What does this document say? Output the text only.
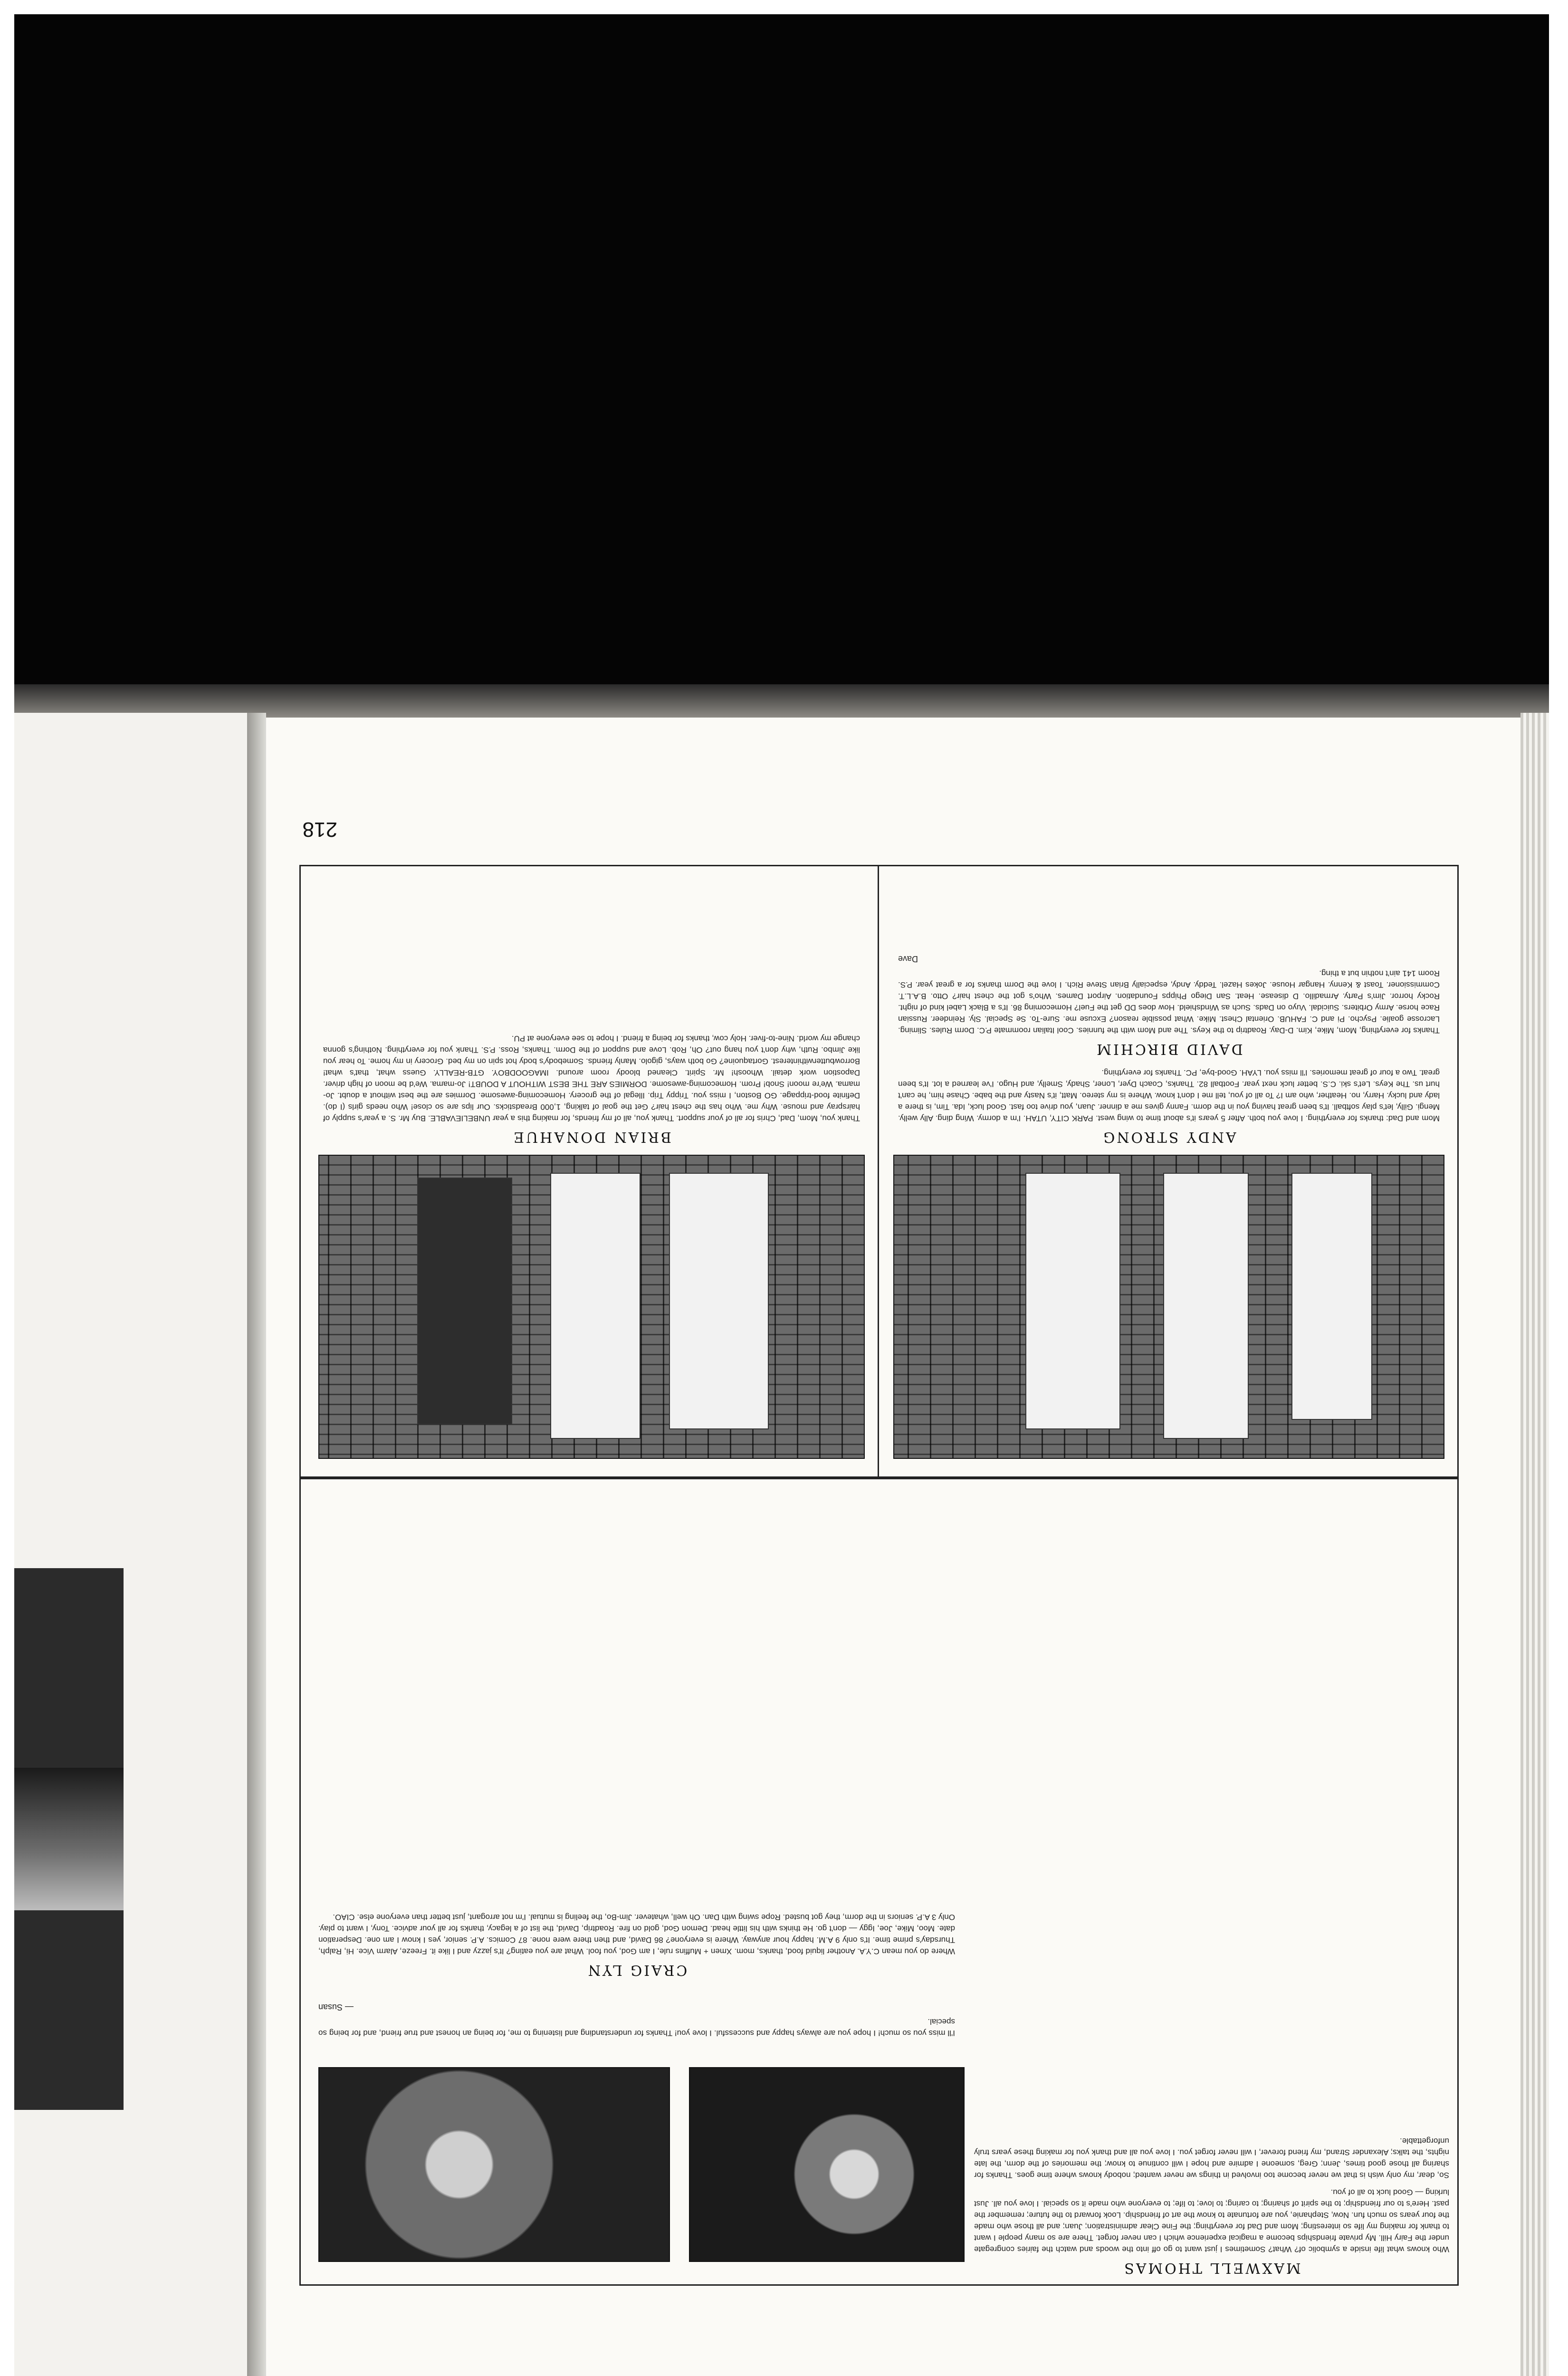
218
MAXWELL THOMAS
Who knows what life inside a symbolic of? What? Sometimes I just want to go off into the woods and watch the fairies congregate under the Fairy Hill. My private friendships become a magical experience which I can never forget. There are so many people I want to thank for making my life so interesting; Mom and Dad for everything; the Fine Clear administration; Juan; and all those who made the four years so much fun. Now, Stephanie, you are fortunate to know the art of friendship. Look forward to the future; remember the past. Here's to our friendship; to the spirit of sharing; to caring; to love; to life; to everyone who made it so special. I love you all. Just lurking — Good luck to all of you.
So, dear, my only wish is that we never become too involved in things we never wanted; nobody knows where time goes. Thanks for sharing all those good times, Jenn; Greg, someone I admire and hope I will continue to know; the memories of the dorm, the late nights, the talks; Alexander Strand, my friend forever, I will never forget you. I love you all and thank you for making these years truly unforgettable.
I'll miss you so much! I hope you are always happy and successful. I love you! Thanks for understanding and listening to me, for being an honest and true friend, and for being so special.
— Susan
CRAIG LYN
Where do you mean C.Y.A. Another liquid food, thanks, mom. Xmen + Muffins rule, I am God, you fool. What are you eating? It's jazzy and I like it. Freeze, Alarm Vice. Hi, Ralph, Thursday's prime time. It's only 9 A.M. happy hour anyway. Where is everyone? 86 David, and then there were none. 87 Comics. A.P. senior, yes I know I am one. Desperation date. Moo, Mike, Joe, Iggy — don't go. He thinks with his little head. Demon God, gold on fire. Roadtrip, David, the list of a legacy, thanks for all your advice. Tony, I want to play. Only 3 A.P. seniors in the dorm, they got busted. Rope swing with Dan. Oh well, whatever. Jim-Bo, the feeling is mutual. I'm not arrogant, just better than everyone else. CIAO.
ANDY STRONG
Mom and Dad: thanks for everything. I love you both. After 5 years it's about time to wing west. PARK CITY, UTAH. I'm a dormy. Wing ding. Ally welly. Mengi. Gilly, let's play softball. It's been great having you in the dorm. Fanny gives me a dinner. Juan, you drive too fast. Good luck, Ida. Tim, is there a lady and lucky. Harry, no. Heather, who am I? To all of you, tell me I don't know. Where is my stereo. Matt, it's Nasty and the babe. Chase him, he can't hurt us. The Keys. Let's ski. C.S. better luck next year. Football 82. Thanks, Coach Dyer, Loner, Shady, Smelly, and Hugo. I've learned a lot. It's been great. Two a four of great memories. I'll miss you. LYAH. Good-bye, PC. Thanks for everything.
DAVID BIRCHIM
Thanks for everything, Mom, Mike, Kim. D-Day. Roadtrip to the Keys. The and Mom with the funnies. Cool Italian roommate P.C. Dorm Rules. Sliming. Lacrosse goalie. Psycho. Pi and C. FAHUB. Oriental Chest. Mike. What possible reason? Excuse me. Sure-To. Se Special. Sly. Reindeer. Russian Race horse. Army Orbiters. Suicidal. Vuyo on Dads. Such as Windshield. How does DD get the Fuel? Homecoming 86. It's a Black Label kind of night. Rocky horror. Jim's Party. Armadillo. D disease. Heat. San Diego Phipps Foundation. Airport Dames. Who's got the chest hair? Otto. B.A.L.T. Commissioner. Toast & Kenny. Hangar House. Jokes Hazel. Teddy. Andy, especially Brian Steve Rich. I love the Dorm thanks for a great year. P.S. Room 141 ain't nothin but a thing.
Dave
BRIAN DONAHUE
Thank you, Mom, Dad, Chris for all of your support. Thank you, all of my friends, for making this a year UNBELIEVABLE. Buy Mr. S. a year's supply of hairspray and mouse. Why me. Who has the chest hair? Get the goal of talking, 1,000 Breadsticks. Our lips are so close! Who needs girls (I do). Definite food-trippage. GO Boston, I miss you. Trippy Trip. Illegal of the grocery. Homecoming-awesome. Dormies are the best without a doubt. Jo-mama. We're moon! Snob! Prom. Homecoming-awesome. DORMIES ARE THE BEST WITHOUT A DOUBT! Jo-mama. We'd be moon of high driver. Dapostion work detail. Whoosh! Mr. Spirit. Cleaned bloody room around. IMAGOODBOY. GTB-REALLY. Guess what, that's what! Borrowbutterwithinterest. Gortaquoine? Go both ways, gigolo. Manly friends. Somebody's body hot spin on my bed. Grocery in my home. To hear you like Jimbo. Ruth, why don't you hang out? Oh, Rob. Love and support of the Dorm. Thanks, Ross. P.S. Thank you for everything. Nothing's gonna change my world. Nine-to-fiver. Holy cow, thanks for being a friend. I hope to see everyone at PU.
